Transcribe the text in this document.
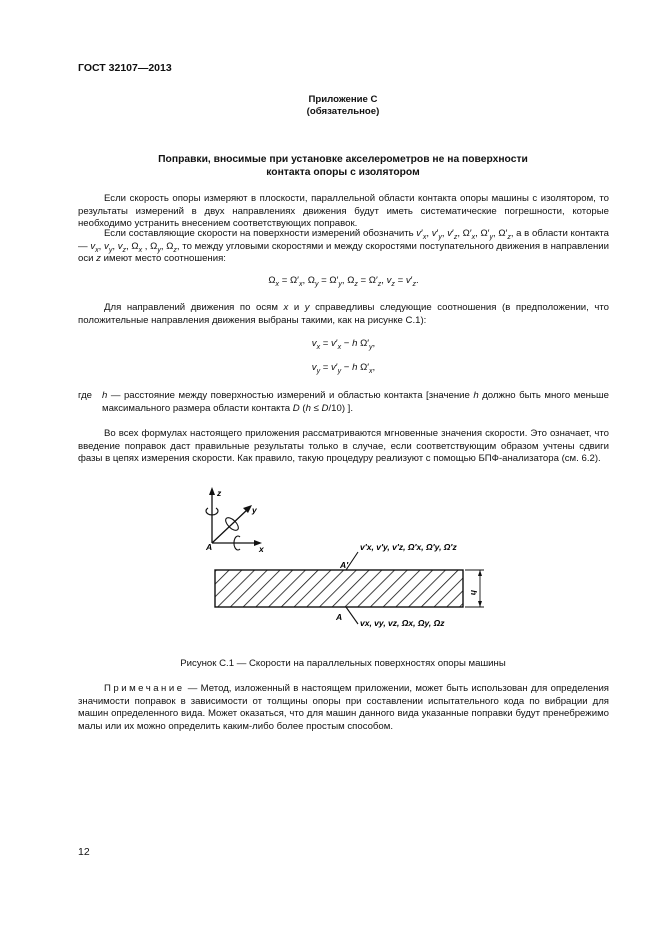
ГОСТ 32107—2013
Приложение С
(обязательное)
Поправки, вносимые при установке акселерометров не на поверхности
контакта опоры с изолятором

Если скорость опоры измеряют в плоскости, параллельной области контакта опоры машины с изолятором, то результаты измерений в двух направлениях движения будут иметь систематические погрешности, которые необходимо устранить внесением соответствующих поправок.

Если составляющие скорости на поверхности измерений обозначить $v'_x$, $v'_y$, $v'_z$, $\Omega'_x$, $\Omega'_y$, $\Omega'_z$, а в области контакта — $v_x$, $v_y$, $v_z$, $\Omega_x$ , $\Omega_y$, $\Omega_z$, то между угловыми скоростями и между скоростями поступательного движения в направлении оси z имеют место соотношения:

$\Omega_x = \Omega'_x$, $\Omega_y = \Omega'_y$, $\Omega_z = \Omega'_z$, $v_z = v'_z$.

Для направлений движения по осям x и y справедливы следующие соотношения (в предположении, что положительные направления движения выбраны такими, как на рисунке С.1):

$v_x = v'_x - h$ $\Omega'_y$,
$v_y = v'_y - h$ $\Omega'_x$,
где h — расстояние между поверхностью измерений и областью контакта [значение h должно быть много меньше максимального размера области контакта D (h ≤ D/10) ].

Во всех формулах настоящего приложения рассматриваются мгновенные значения скорости. Это означает, что введение поправок даст правильные результаты только в случае, если соответствующим образом учтены сдвиги фазы в цепях измерения скорости. Как правило, такую процедуру реализуют с помощью БПФ-анализатора (см. 6.2).

z
y
x
A
h
A′
v′x, v′y, v′z, Ω′x, Ω′y, Ω′z
A
vx, vy, vz, Ωx, Ωy, Ωz
Рисунок С.1 — Скорости на параллельных поверхностях опоры машины
Примечание — Метод, изложенный в настоящем приложении, может быть использован для определения значимости поправок в зависимости от толщины опоры при составлении испытательного кода по вибрации для машин определенного вида. Может оказаться, что для машин данного вида указанные поправки будут пренебрежимо малы или их можно определить каким-либо более простым способом.
12
